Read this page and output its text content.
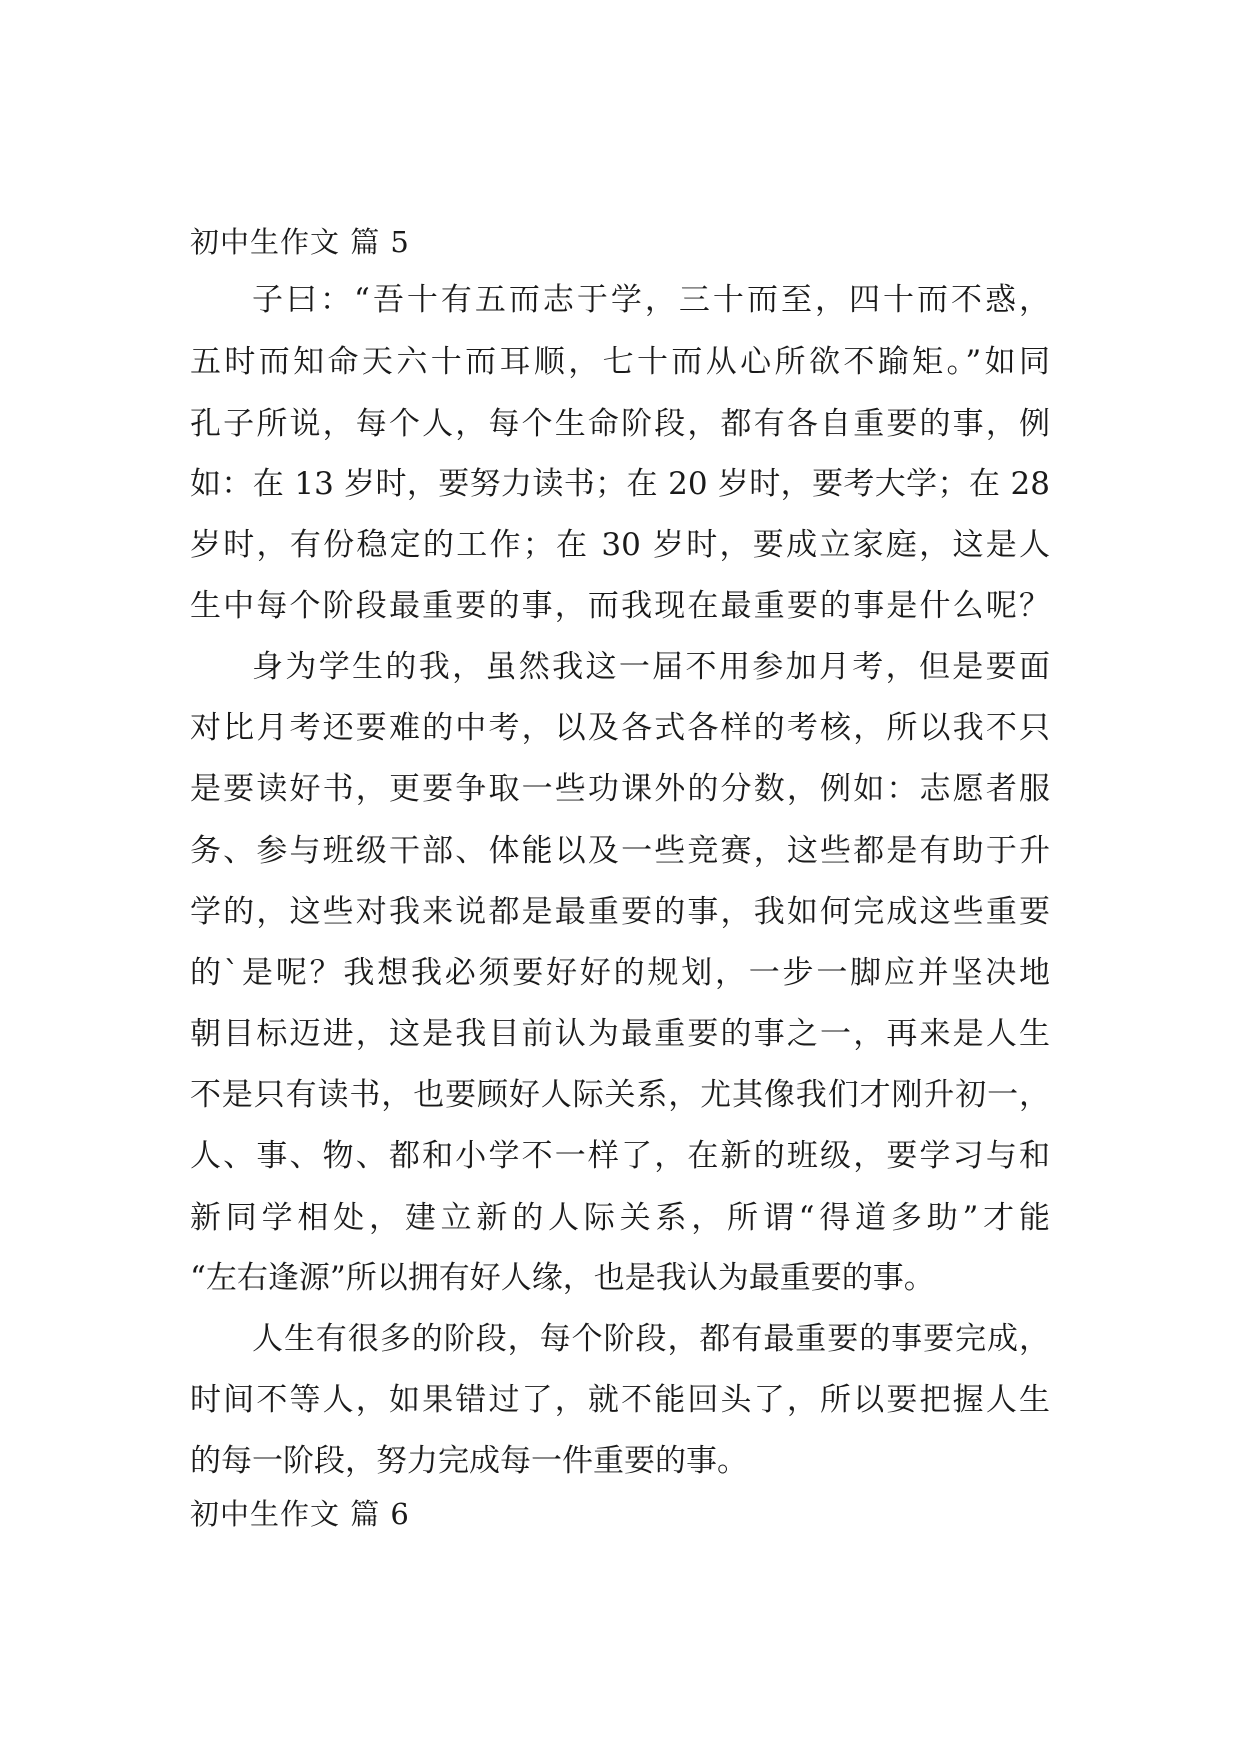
初中生作文 篇 5
子曰：“吾十有五而志于学，三十而至，四十而不惑，
五时而知命天六十而耳顺，七十而从心所欲不踰矩。”如同
孔子所说，每个人，每个生命阶段，都有各自重要的事，例
如：在 13 岁时，要努力读书；在 20 岁时，要考大学；在 28
岁时，有份稳定的工作；在 30 岁时，要成立家庭，这是人
生中每个阶段最重要的事，而我现在最重要的事是什么呢？
身为学生的我，虽然我这一届不用参加月考，但是要面
对比月考还要难的中考，以及各式各样的考核，所以我不只
是要读好书，更要争取一些功课外的分数，例如：志愿者服
务、参与班级干部、体能以及一些竞赛，这些都是有助于升
学的，这些对我来说都是最重要的事，我如何完成这些重要
的`是呢？我想我必须要好好的规划，一步一脚应并坚决地
朝目标迈进，这是我目前认为最重要的事之一，再来是人生
不是只有读书，也要顾好人际关系，尤其像我们才刚升初一，
人、事、物、都和小学不一样了，在新的班级，要学习与和
新同学相处，建立新的人际关系，所谓“得道多助”才能
“左右逢源”所以拥有好人缘，也是我认为最重要的事。
人生有很多的阶段，每个阶段，都有最重要的事要完成，
时间不等人，如果错过了，就不能回头了，所以要把握人生
的每一阶段，努力完成每一件重要的事。
初中生作文 篇 6
